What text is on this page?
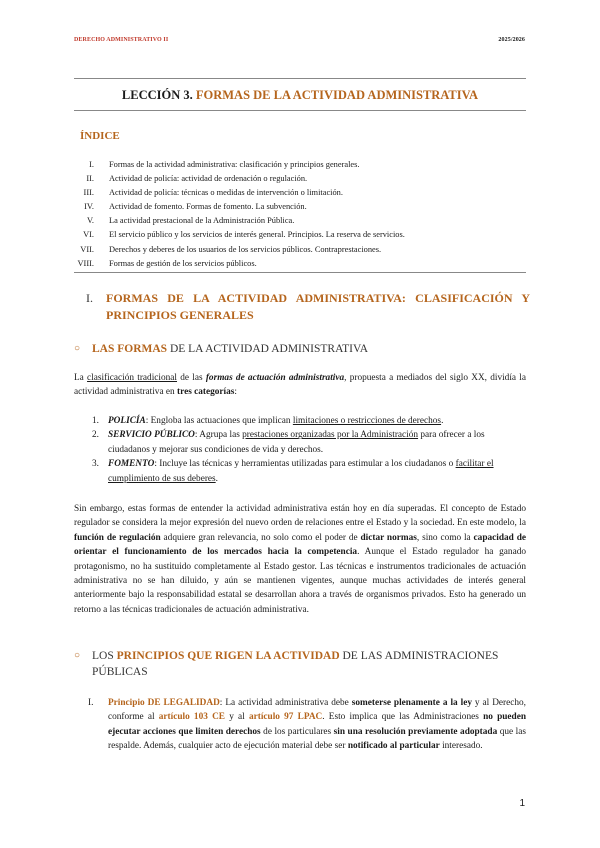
DERECHO ADMINISTRATIVO II	2025/2026
LECCIÓN 3. FORMAS DE LA ACTIVIDAD ADMINISTRATIVA
ÍNDICE
I.	Formas de la actividad administrativa: clasificación y principios generales.
II.	Actividad de policía: actividad de ordenación o regulación.
III.	Actividad de policía: técnicas o medidas de intervención o limitación.
IV.	Actividad de fomento. Formas de fomento. La subvención.
V.	La actividad prestacional de la Administración Pública.
VI.	El servicio público y los servicios de interés general. Principios. La reserva de servicios.
VII.	Derechos y deberes de los usuarios de los servicios públicos. Contraprestaciones.
VIII.	Formas de gestión de los servicios públicos.
I.	FORMAS DE LA ACTIVIDAD ADMINISTRATIVA: CLASIFICACIÓN Y PRINCIPIOS GENERALES
○	LAS FORMAS DE LA ACTIVIDAD ADMINISTRATIVA
La clasificación tradicional de las formas de actuación administrativa, propuesta a mediados del siglo XX, dividía la actividad administrativa en tres categorías:
1. POLICÍA: Engloba las actuaciones que implican limitaciones o restricciones de derechos.
2. SERVICIO PÚBLICO: Agrupa las prestaciones organizadas por la Administración para ofrecer a los ciudadanos y mejorar sus condiciones de vida y derechos.
3. FOMENTO: Incluye las técnicas y herramientas utilizadas para estimular a los ciudadanos o facilitar el cumplimiento de sus deberes.
Sin embargo, estas formas de entender la actividad administrativa están hoy en día superadas. El concepto de Estado regulador se considera la mejor expresión del nuevo orden de relaciones entre el Estado y la sociedad. En este modelo, la función de regulación adquiere gran relevancia, no solo como el poder de dictar normas, sino como la capacidad de orientar el funcionamiento de los mercados hacia la competencia. Aunque el Estado regulador ha ganado protagonismo, no ha sustituido completamente al Estado gestor. Las técnicas e instrumentos tradicionales de actuación administrativa no se han diluido, y aún se mantienen vigentes, aunque muchas actividades de interés general anteriormente bajo la responsabilidad estatal se desarrollan ahora a través de organismos privados. Esto ha generado un retorno a las técnicas tradicionales de actuación administrativa.
○	LOS PRINCIPIOS QUE RIGEN LA ACTIVIDAD DE LAS ADMINISTRACIONES PÚBLICAS
I.	Principio DE LEGALIDAD: La actividad administrativa debe someterse plenamente a la ley y al Derecho, conforme al artículo 103 CE y al artículo 97 LPAC. Esto implica que las Administraciones no pueden ejecutar acciones que limiten derechos de los particulares sin una resolución previamente adoptada que las respalde. Además, cualquier acto de ejecución material debe ser notificado al particular interesado.
1
